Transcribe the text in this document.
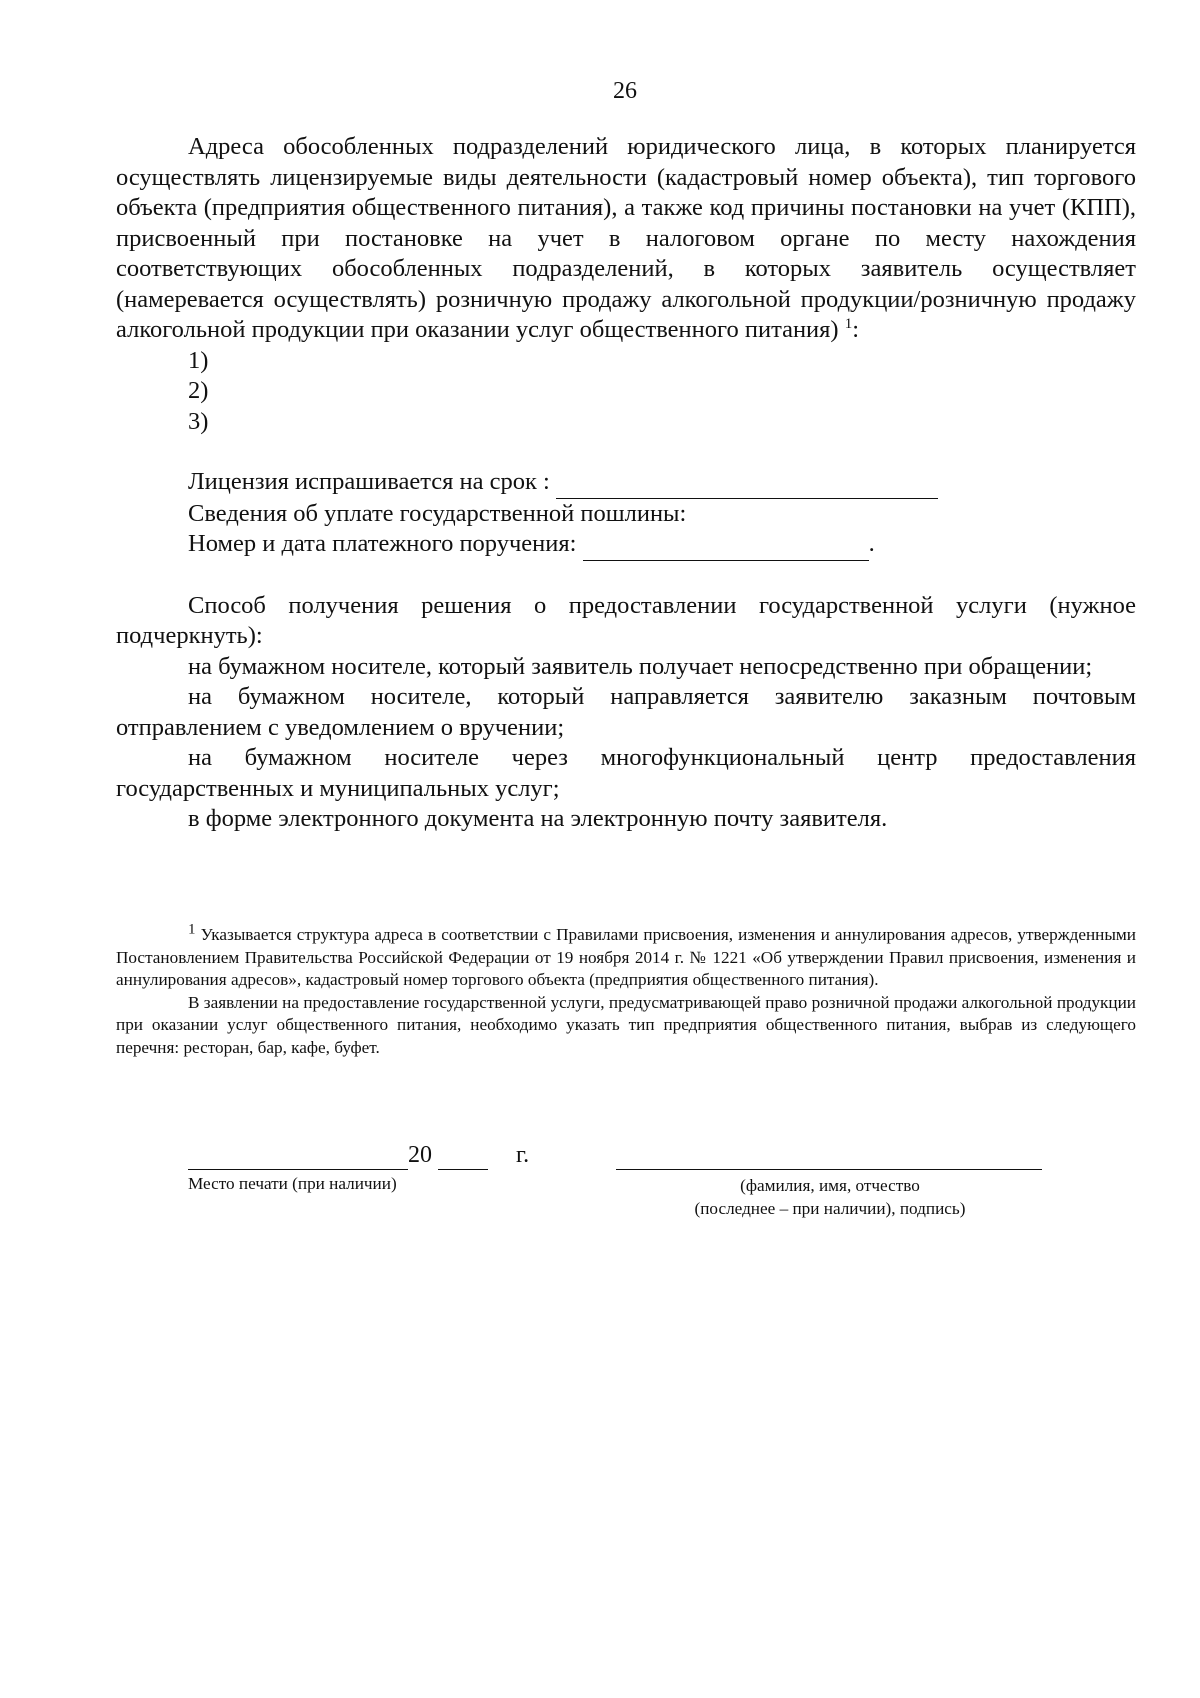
26

Адреса обособленных подразделений юридического лица, в которых планируется осуществлять лицензируемые виды деятельности (кадастровый номер объекта), тип торгового объекта (предприятия общественного питания), а также код причины постановки на учет (КПП), присвоенный при постановке на учет в налоговом органе по месту нахождения соответствующих обособленных подразделений, в которых заявитель осуществляет (намеревается осуществлять) розничную продажу алкогольной продукции/розничную продажу алкогольной продукции при оказании услуг общественного питания) $^1$:

1)

2)

3)

Лицензия испрашивается на срок :

Сведения об уплате государственной пошлины:

Номер и дата платежного поручения:	.

Способ получения решения о предоставлении государственной услуги (нужное подчеркнуть):

на бумажном носителе, который заявитель получает непосредственно при обращении;

на бумажном носителе, который направляется заявителю заказным почтовым отправлением с уведомлением о вручении;

на бумажном носителе через многофункциональный центр предоставления государственных и муниципальных услуг;

в форме электронного документа на электронную почту заявителя.

$^1$ Указывается структура адреса в соответствии с Правилами присвоения, изменения и аннулирования адресов, утвержденными Постановлением Правительства Российской Федерации от 19 ноября 2014 г. № 1221 «Об утверждении Правил присвоения, изменения и аннулирования адресов», кадастровый номер торгового объекта (предприятия общественного питания).

В заявлении на предоставление государственной услуги, предусматривающей право розничной продажи алкогольной продукции при оказании услуг общественного питания, необходимо указать тип предприятия общественного питания, выбрав из следующего перечня: ресторан, бар, кафе, буфет.

20	г.
Место печати (при наличии)	(фамилия, имя, отчество
(последнее – при наличии), подпись)
